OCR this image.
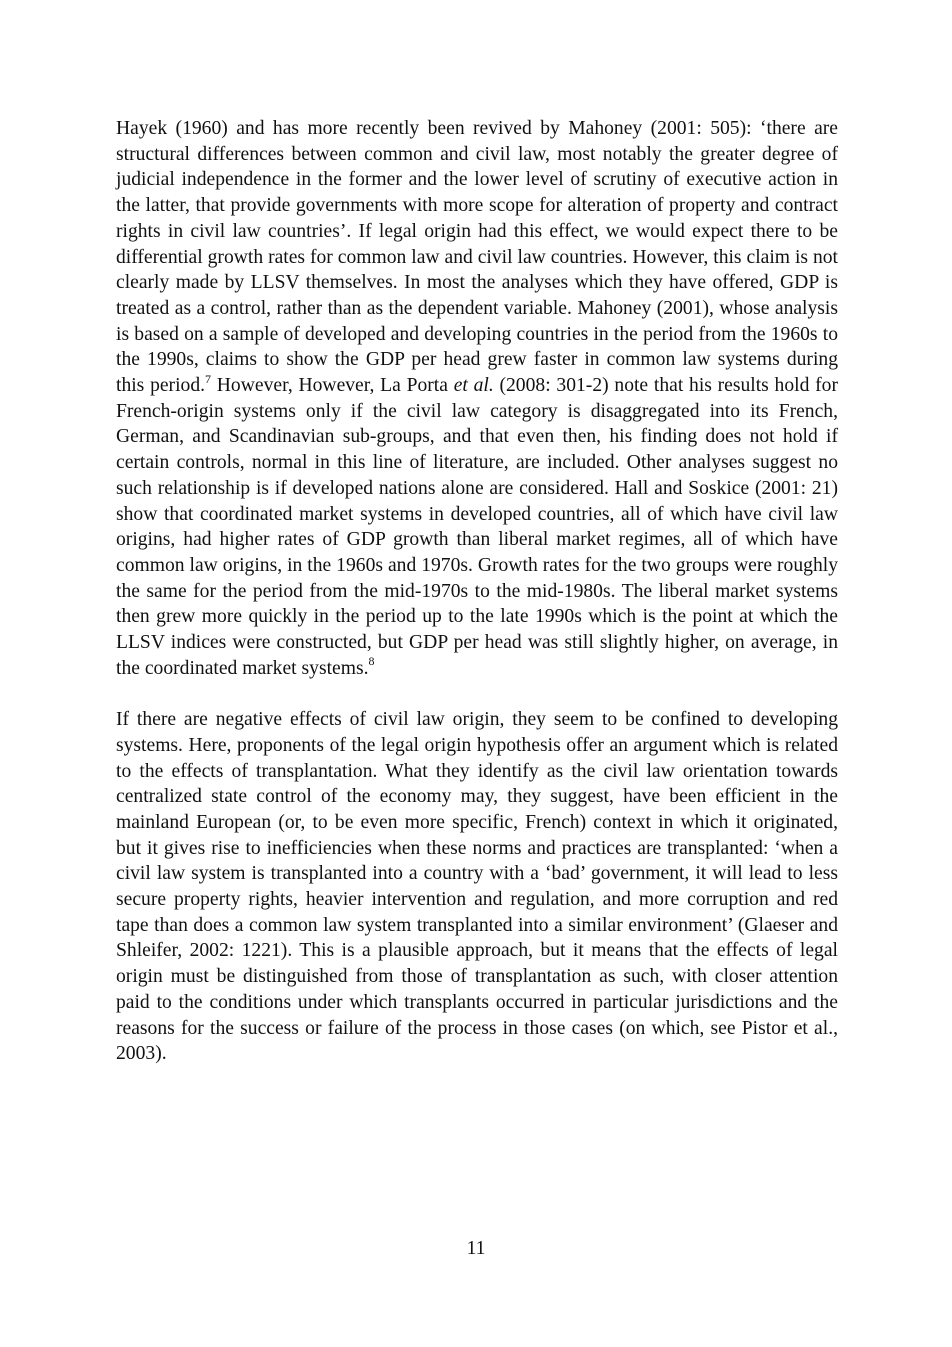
Hayek (1960) and has more recently been revived by Mahoney (2001: 505): ‘there are structural differences between common and civil law, most notably the greater degree of judicial independence in the former and the lower level of scrutiny of executive action in the latter, that provide governments with more scope for alteration of property and contract rights in civil law countries’. If legal origin had this effect, we would expect there to be differential growth rates for common law and civil law countries. However, this claim is not clearly made by LLSV themselves. In most the analyses which they have offered, GDP is treated as a control, rather than as the dependent variable. Mahoney (2001), whose analysis is based on a sample of developed and developing countries in the period from the 1960s to the 1990s, claims to show the GDP per head grew faster in common law systems during this period.$^7$ However, However, La Porta et al. (2008: 301-2) note that his results hold for French-origin systems only if the civil law category is disaggregated into its French, German, and Scandinavian sub-groups, and that even then, his finding does not hold if certain controls, normal in this line of literature, are included. Other analyses suggest no such relationship is if developed nations alone are considered. Hall and Soskice (2001: 21) show that coordinated market systems in developed countries, all of which have civil law origins, had higher rates of GDP growth than liberal market regimes, all of which have common law origins, in the 1960s and 1970s. Growth rates for the two groups were roughly the same for the period from the mid-1970s to the mid-1980s. The liberal market systems then grew more quickly in the period up to the late 1990s which is the point at which the LLSV indices were constructed, but GDP per head was still slightly higher, on average, in the coordinated market systems.$^8$

If there are negative effects of civil law origin, they seem to be confined to developing systems. Here, proponents of the legal origin hypothesis offer an argument which is related to the effects of transplantation. What they identify as the civil law orientation towards centralized state control of the economy may, they suggest, have been efficient in the mainland European (or, to be even more specific, French) context in which it originated, but it gives rise to inefficiencies when these norms and practices are transplanted: ‘when a civil law system is transplanted into a country with a ‘bad’ government, it will lead to less secure property rights, heavier intervention and regulation, and more corruption and red tape than does a common law system transplanted into a similar environment’ (Glaeser and Shleifer, 2002: 1221). This is a plausible approach, but it means that the effects of legal origin must be distinguished from those of transplantation as such, with closer attention paid to the conditions under which transplants occurred in particular jurisdictions and the reasons for the success or failure of the process in those cases (on which, see Pistor et al., 2003).

11
